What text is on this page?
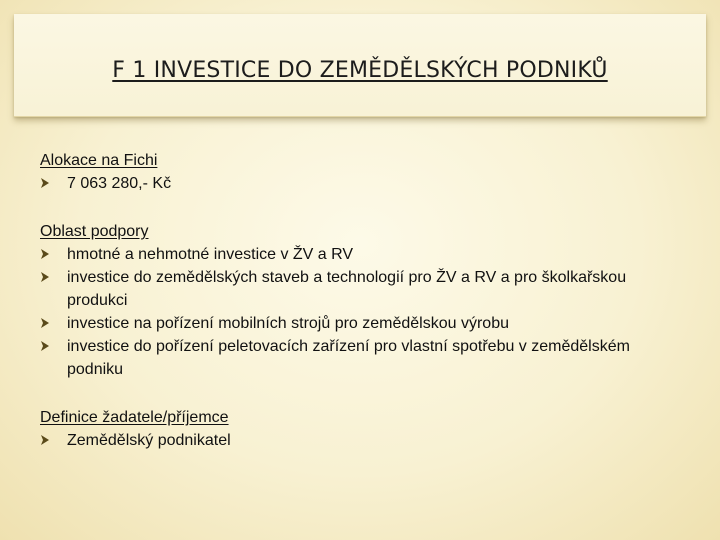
F 1 INVESTICE DO ZEMĚDĚLSKÝCH PODNIKŮ
Alokace na Fichi
7 063 280,- Kč
Oblast podpory
hmotné a nehmotné investice v ŽV a RV
investice do zemědělských staveb a technologií pro ŽV a RV a pro školkařskou produkci
investice na pořízení mobilních strojů pro zemědělskou výrobu
investice do pořízení peletovacích zařízení pro vlastní spotřebu v zemědělském podniku
Definice žadatele/příjemce
Zemědělský podnikatel
